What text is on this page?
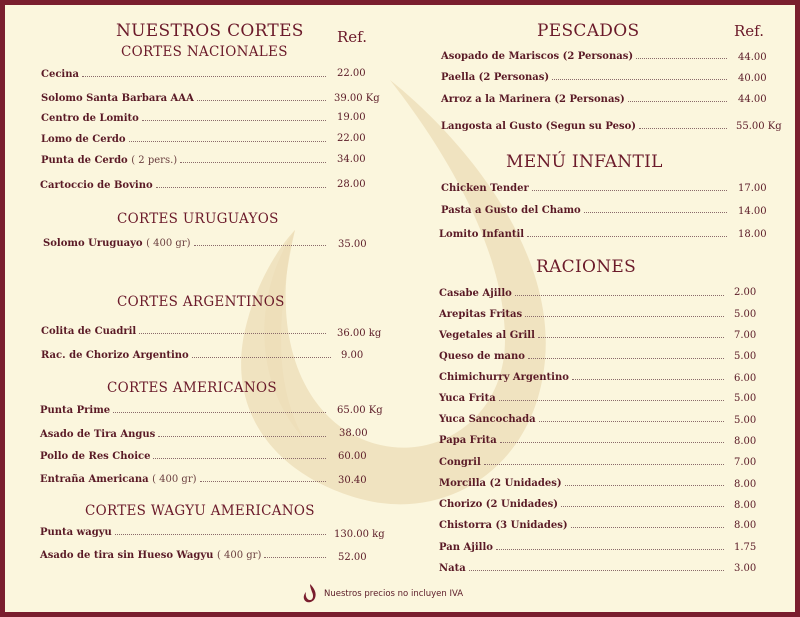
NUESTROS CORTES Ref.
CORTES NACIONALES
Cecina	22.00
Solomo Santa Barbara AAA	39.00 Kg
Centro de Lomito	19.00
Lomo de Cerdo	22.00
Punta de Cerdo ( 2 pers.)	34.00
Cartoccio de Bovino	28.00
CORTES URUGUAYOS
Solomo Uruguayo ( 400 gr)	35.00
CORTES ARGENTINOS
Colita de Cuadril	36.00 kg
Rac. de Chorizo Argentino	9.00
CORTES AMERICANOS
Punta Prime	65.00 Kg
Asado de Tira Angus	38.00
Pollo de Res Choice	60.00
Entraña Americana ( 400 gr)	30.40
CORTES WAGYU AMERICANOS
Punta wagyu	130.00 kg
Asado de tira sin Hueso Wagyu ( 400 gr)	52.00
PESCADOS	Ref.
Asopado de Mariscos (2 Personas)	44.00
Paella (2 Personas)	40.00
Arroz a la Marinera (2 Personas)	44.00
Langosta al Gusto (Segun su Peso)	55.00 Kg
MENÚ INFANTIL
Chicken Tender	17.00
Pasta a Gusto del Chamo	14.00
Lomito Infantil	18.00
RACIONES
Casabe Ajillo	2.00
Arepitas Fritas	5.00
Vegetales al Grill	7.00
Queso de mano	5.00
Chimichurry Argentino	6.00
Yuca Frita	5.00
Yuca Sancochada	5.00
Papa Frita	8.00
Congril	7.00
Morcilla (2 Unidades)	8.00
Chorizo (2 Unidades)	8.00
Chistorra (3 Unidades)	8.00
Pan Ajillo	1.75
Nata	3.00
Nuestros precios no incluyen IVA
